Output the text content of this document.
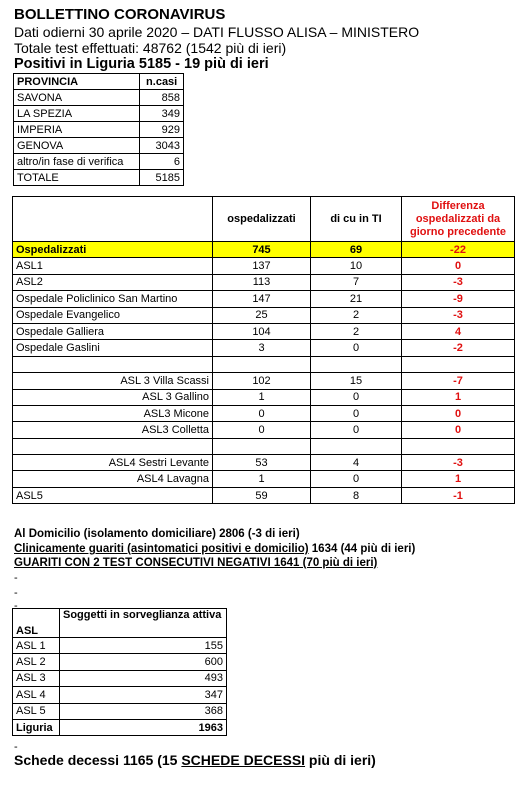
BOLLETTINO CORONAVIRUS
Dati odierni 30 aprile 2020 – DATI FLUSSO ALISA – MINISTERO
Totale test effettuati: 48762 (1542 più di ieri)
Positivi in Liguria 5185 - 19 più di ieri
PROVINCIA	n.casi
SAVONA	858
LA SPEZIA	349
IMPERIA	929
GENOVA	3043
altro/in fase di verifica	6
TOTALE	5185
	ospedalizzati	di cu in TI	Differenza ospedalizzati da giorno precedente
Ospedalizzati	745	69	-22
ASL1	137	10	0
ASL2	113	7	-3
Ospedale Policlinico San Martino	147	21	-9
Ospedale Evangelico	25	2	-3
Ospedale Galliera	104	2	4
Ospedale Gaslini	3	0	-2

ASL 3 Villa Scassi	102	15	-7
ASL 3 Gallino	1	0	1
ASL3 Micone	0	0	0
ASL3 Colletta	0	0	0

ASL4 Sestri Levante	53	4	-3
ASL4 Lavagna	1	0	1
ASL5	59	8	-1
Al Domicilio (isolamento domiciliare) 2806 (-3 di ieri)
Clinicamente guariti (asintomatici positivi e domicilio) 1634 (44 più di ieri)
GUARITI CON 2 TEST CONSECUTIVI NEGATIVI 1641 (70 più di ieri)
-
-
-
ASL	Soggetti in sorveglianza attiva
ASL 1	155
ASL 2	600
ASL 3	493
ASL 4	347
ASL 5	368
Liguria	1963
-
Schede decessi 1165 (15 SCHEDE DECESSI più di ieri)
